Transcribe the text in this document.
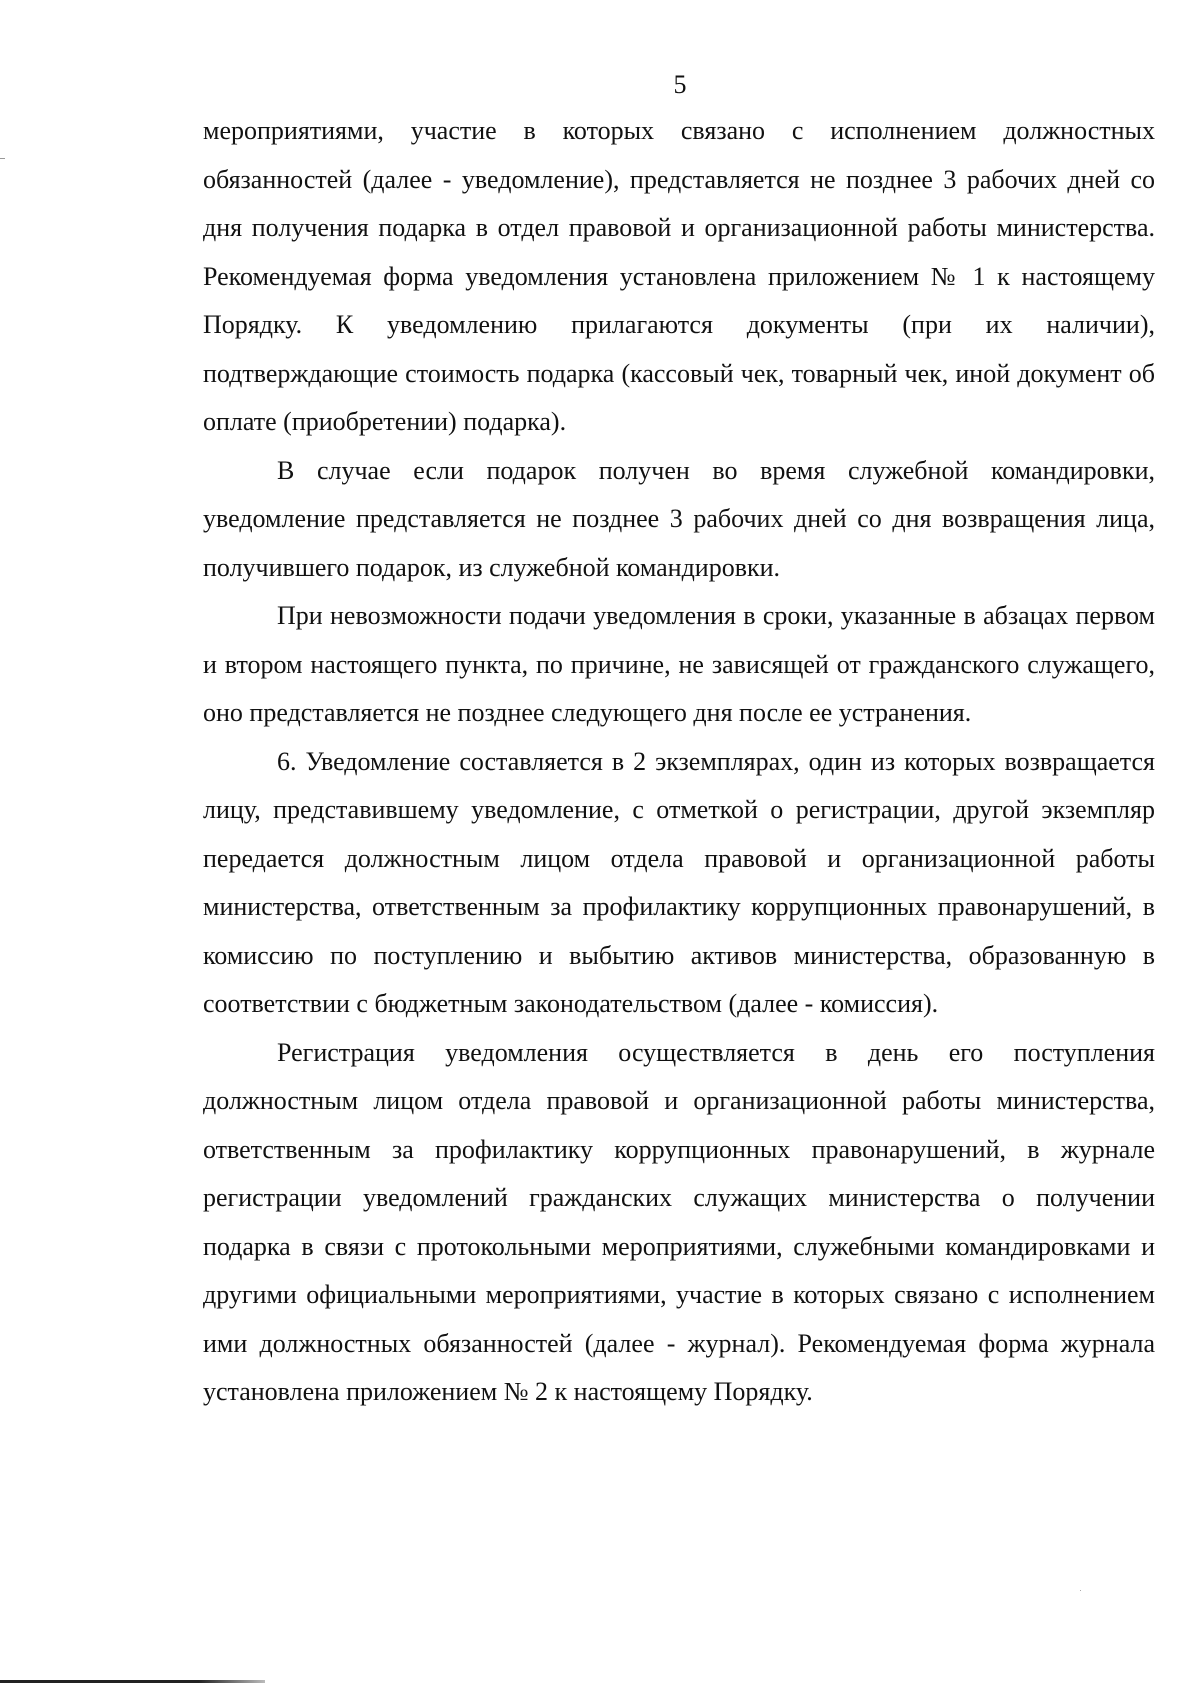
5

мероприятиями, участие в которых связано с исполнением должностных обязанностей (далее - уведомление), представляется не позднее 3 рабочих дней со дня получения подарка в отдел правовой и организационной работы министерства. Рекомендуемая форма уведомления установлена приложением № 1 к настоящему Порядку. К уведомлению прилагаются документы (при их наличии), подтверждающие стоимость подарка (кассовый чек, товарный чек, иной документ об оплате (приобретении) подарка).

В случае если подарок получен во время служебной командировки, уведомление представляется не позднее 3 рабочих дней со дня возвращения лица, получившего подарок, из служебной командировки.

При невозможности подачи уведомления в сроки, указанные в абзацах первом и втором настоящего пункта, по причине, не зависящей от гражданского служащего, оно представляется не позднее следующего дня после ее устранения.

6. Уведомление составляется в 2 экземплярах, один из которых возвращается лицу, представившему уведомление, с отметкой о регистрации, другой экземпляр передается должностным лицом отдела правовой и организационной работы министерства, ответственным за профилактику коррупционных правонарушений, в комиссию по поступлению и выбытию активов министерства, образованную в соответствии с бюджетным законодательством (далее - комиссия).

Регистрация уведомления осуществляется в день его поступления должностным лицом отдела правовой и организационной работы министерства, ответственным за профилактику коррупционных правонарушений, в журнале регистрации уведомлений гражданских служащих министерства о получении подарка в связи с протокольными мероприятиями, служебными командировками и другими официальными мероприятиями, участие в которых связано с исполнением ими должностных обязанностей (далее - журнал). Рекомендуемая форма журнала установлена приложением № 2 к настоящему Порядку.
